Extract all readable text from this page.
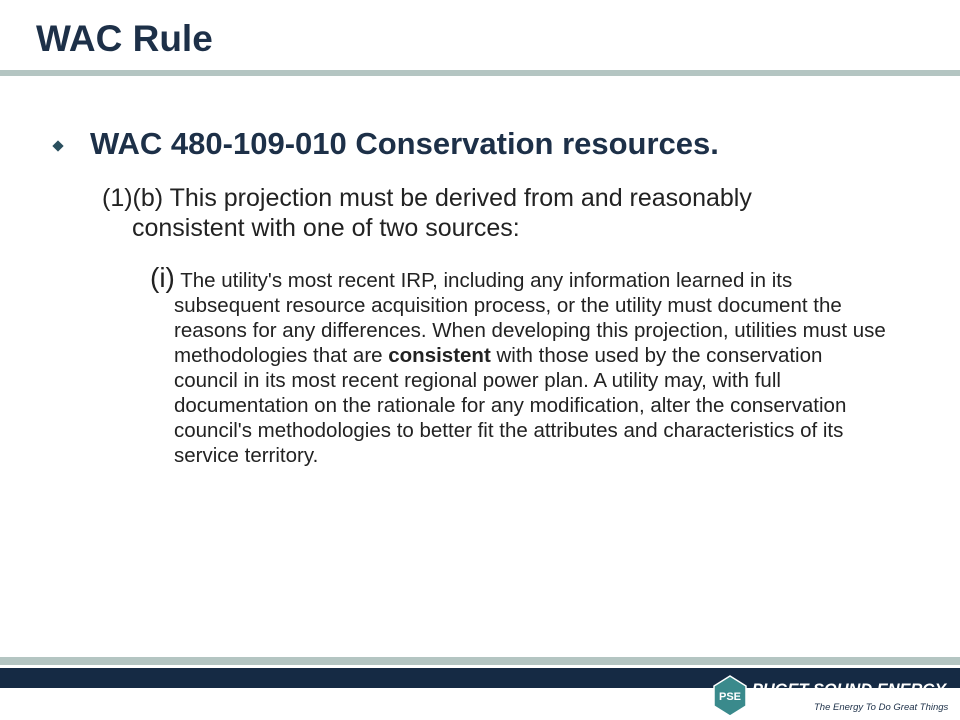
WAC Rule
WAC 480-109-010 Conservation resources.
(1)(b) This projection must be derived from and reasonably consistent with one of two sources:
(i) The utility's most recent IRP, including any information learned in its subsequent resource acquisition process, or the utility must document the reasons for any differences. When developing this projection, utilities must use methodologies that are consistent with those used by the conservation council in its most recent regional power plan. A utility may, with full documentation on the rationale for any modification, alter the conservation council's methodologies to better fit the attributes and characteristics of its service territory.
PSE PUGET SOUND ENERGY
The Energy To Do Great Things
